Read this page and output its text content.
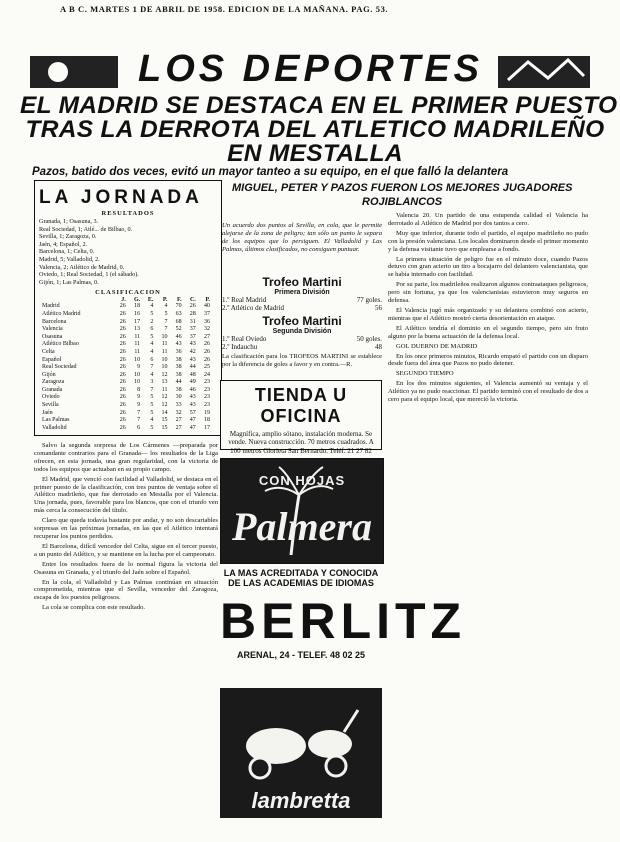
A B C. MARTES 1 DE ABRIL DE 1958. EDICION DE LA MAÑANA. PAG. 53.
LOS DEPORTES
EL MADRID SE DESTACA EN EL PRIMER PUESTO
TRAS LA DERROTA DEL ATLETICO MADRILEÑO
EN MESTALLA
Pazos, batido dos veces, evitó un mayor tanteo a su equipo, en el que falló la delantera
MIGUEL, PETER Y PAZOS FUERON LOS MEJORES JUGADORES
ROJIBLANCOS
LA JORNADA
RESULTADOS
Granada, 1; Osasuna, 3.
Real Sociedad, 1; Atlé... de Bilbao, 0.
Sevilla, 1; Zaragoza, 0.
Jaén, 4; Español, 2.
Barcelona, 1; Celta, 0.
Madrid, 5; Valladolid, 2.
Valencia, 2; Atlético de Madrid, 0.
Oviedo, 1; Real Sociedad, 1 (el sábado).
Gijón, 1; Las Palmas, 0.
CLASIFICACION
	J.	G.	E.	P.	F.	C.	P.
Madrid	26	18	4	4	70	26	40
Atlético Madrid	26	16	5	5	63	28	37
Barcelona	26	17	2	7	68	31	36
Valencia	26	13	6	7	52	37	32
Osasuna	26	11	5	10	46	37	27
Atlético Bilbao	26	11	4	11	43	43	26
Celta	26	11	4	11	36	42	26
Español	26	10	6	10	38	43	26
Real Sociedad	26	9	7	10	38	44	25
Gijón	26	10	4	12	38	48	24
Zaragoza	26	10	3	13	44	49	23
Granada	26	8	7	11	38	46	23
Oviedo	26	9	5	12	30	43	23
Sevilla	26	9	5	12	33	43	23
Jaén	26	7	5	14	32	57	19
Las Palmas	26	7	4	15	27	47	18
Valladolid	26	6	5	15	27	47	17

Salvo la segunda sorpresa de Los Cármenes —preparada por comandante contrarios para el Granada— los resultados de la Liga ofrecen, en esta jornada, una gran regularidad, con la victoria de todos los equipos que actuaban en su propio campo.

El Madrid, que venció con facilidad al Valladolid, se destaca en el primer puesto de la clasificación, con tres puntos de ventaja sobre el Atlético madrileño, que fue derrotado en Mestalla por el Valencia. Una jornada, pues, favorable para los blancos, que con el triunfo ven más cerca la consecución del título.

Claro que queda todavía bastante por andar, y no son descartables sorpresas en las próximas jornadas, en las que el Atlético intentará recuperar los puntos perdidos.

El Barcelona, difícil vencedor del Celta, sigue en el tercer puesto, a un punto del Atlético, y se mantiene en la lucha por el campeonato.

Entre los resultados fuera de lo normal figura la victoria del Osasuna en Granada, y el triunfo del Jaén sobre el Español.

En la cola, el Valladolid y Las Palmas continúan en situación comprometida, mientras que el Sevilla, vencedor del Zaragoza, escapa de los puestos peligrosos.

La cola se complica con este resultado.

Un acuerdo dos puntos al Sevilla, en cola, que le permite alejarse de la zona de peligro; tan sólo un punto le separa de los equipos que lo persiguen. El Valladolid y Las Palmas, últimos clasificados, no consiguen puntuar.
Trofeo Martini
Primera División
1.º Real Madrid	77 goles.
2.º Atlético de Madrid	56
Trofeo Martini
Segunda División
1.º Real Oviedo	50 goles.
2.º Indauchu	48
La clasificación para los TROFEOS MARTINI se establece por la diferencia de goles a favor y en contra.—R.
TIENDA U OFICINA
Magnífica, amplio sótano, instalación moderna. Se vende. Nueva construcción. 70 metros cuadrados. A 100 metros Glorieta San Bernardo. Teléf. 21 27 82
CON HOJAS
Palmera
LA MAS ACREDITADA Y CONOCIDA
DE LAS ACADEMIAS DE IDIOMAS
BERLITZ
ARENAL, 24 - TELEF. 48 02 25
lambretta

Valencia 20. Un partido de una estupenda calidad el Valencia ha derrotado al Atlético de Madrid por dos tantos a cero.

Muy que inferior, durante todo el partido, el equipo madrileño no pudo con la presión valenciana. Los locales dominaron desde el primer momento y la defensa visitante tuvo que emplearse a fondo.

La primera situación de peligro fue en el minuto doce, cuando Pazos detuvo con gran acierto un tiro a bocajarro del delantero valencianista, que se había internado con facilidad.

Por su parte, los madrileños realizaron algunos contraataques peligrosos, pero sin fortuna, ya que los valencianistas estuvieron muy seguros en defensa.

El Valencia jugó más organizado y su delantera combinó con acierto, mientras que el Atlético mostró cierta desorientación en ataque.

El Atlético tendría el dominio en el segundo tiempo, pero sin fruto alguno por la buena actuación de la defensa local.

GOL DUERNO DE MADRID

En los once primeros minutos, Ricardo empató el partido con un disparo desde fuera del área que Pazos no pudo detener.

SEGUNDO TIEMPO

En los dos minutos siguientes, el Valencia aumentó su ventaja y el Atlético ya no pudo reaccionar. El partido terminó con el resultado de dos a cero para el equipo local, que mereció la victoria.
